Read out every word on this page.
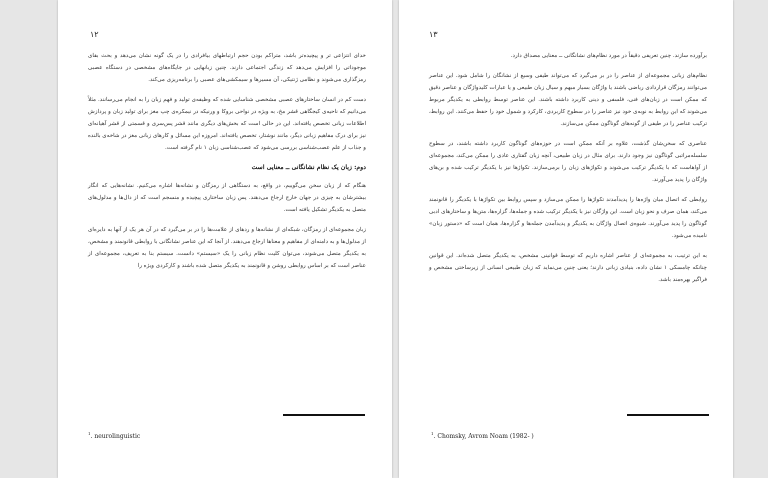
۱۲

خدای انتزاعی تر و پیچیده‌تر باشد، متراکم بودن حجم ارتباطهای بیافرادی را در یک گونه نشان می‌دهد و بحث بقای موجوداتی را افزایش می‌دهد که زندگی اجتماعی دارند. چنین زبانهایی در جایگاه‌های مشخصی در دستگاه عصبی رمزگذاری می‌شوند و نظامی ژنتیکی، آن مسیرها و سیمکشی‌های عصبی را برنامه‌ریزی می‌کند.

دست کم در انسان ساختارهای عصبی مشخصی شناسایی شده که وظیفه‌ی تولید و فهم زبان را به انجام می‌رسانند. مثلاً می‌دانیم که ناحیه‌ی کیجگاهی قشر مخ، به ویژه در نواحی بروکا و ورنیکه در نیمکره‌ی چپ مغز برای تولید زبان و پردازش اطلاعات زبانی تخصص یافته‌اند. این در حالی است که بخش‌های دیگری مانند قشر پس‌سری و قسمتی از قشر آهیانه‌ای نیز برای درک مفاهیم زبانی دیگر، مانند نوشتار، تخصص یافته‌اند. امروزه این مسائل و کارهای زبانی مغز در شاخه‌ی بالنده و جذاب از علم عصب‌شناسی بررسی می‌شود که عصب‌شناسی زبان ۱ نام گرفته است.

دوم: زبان یک نظام نشانگانی ــ معنایی است

هنگام که از زبان سخن می‌گوییم، در واقع، به دستگاهی از رمزگان و نشانه‌ها اشاره می‌کنیم. نشانه‌هایی که انگار بیشترشان به چیزی در جهان خارج ارجاع می‌دهند. پس زبان ساختاری پیچیده و منسجم است که از دال‌ها و مدلول‌های متصل به یکدیگر تشکیل یافته است.

زبان مجموعه‌ای از رمزگان، شبکه‌ای از نشانه‌ها و ردهای از علامت‌ها را در بر می‌گیرد که در آن هر یک از آنها به دایره‌ای از مدلول‌ها و به دامنه‌ای از مفاهیم و معناها ارجاع می‌دهند. از آنجا که این عناصر نشانگانی با روابطی قانونمند و مشخص، به یکدیگر متصل می‌شوند، می‌توان کلیت نظام زبانی را یک «سیستم» دانست. سیستم بنا به تعریف، مجموعه‌ای از عناصر است که بر اساس روابطی روشن و قانونمند به یکدیگر متصل شده باشند و کارکردی ویژه را

$^1$. neurolinguistic
۱۳

برآورده سازند. چنین تعریفی دقیقاً در مورد نظام‌های نشانگانی ــ معنایی مصداق دارد.

نظام‌های زبانی مجموعه‌ای از عناصر را در بر می‌گیرد که می‌تواند طیفی وسیع از نشانگان را شامل شود. این عناصر می‌توانند رمزگان قراردادی ریاضی باشند یا واژگان بسیار مبهم و سیال زبان طبیعی و یا عبارات کلیدواژگان و عناصر دقیق که ممکن است در زبان‌های فنی، فلسفی و دینی کاربرد داشته باشند. این عناصر توسط روابطی به یکدیگر مربوط می‌شوند که این روابط به نوبه‌ی خود نیز عناصر را در سطوح کاربردی، کارکرد و شمول خود را حفظ می‌کنند. این روابط، ترکیب عناصر را در طیفی از گونه‌های گوناگون ممکن می‌سازند.

عناصری که سخن‌شان گذشت، علاوه بر آنکه ممکن است در حوزه‌های گوناگون کاربرد داشته باشند، در سطوح سلسله‌مراتبی گوناگون نیز وجود دارند. برای مثال در زبان طبیعی، آنچه زبان گفتاری عادی را ممکن می‌کند، مجموعه‌ای از آواهاست که با یکدیگر ترکیب می‌شوند و تکواژهای زبان را برمی‌سازند. تکواژها نیز با یکدیگر ترکیب شده و بن‌های واژگان را پدید می‌آورند.

روابطی که اتصال میان واژه‌ها را پدیدآمدند تکواژها را ممکن می‌سازد و سپس روابط بین تکواژها با یکدیگر را قانونمند می‌کند، همان صرف و نحو زبان است. این واژگان نیز با یکدیگر ترکیب شده و جمله‌ها، گزاره‌ها، متن‌ها و ساختارهای ادبی گوناگون را پدید می‌آورند. شیوه‌ی اتصال واژگان به یکدیگر و پدیدآمدن جمله‌ها و گزاره‌ها، همان است که «دستور زبان» نامیده می‌شود.

به این ترتیب، به مجموعه‌ای از عناصر اشاره داریم که توسط قوانینی مشخص، به یکدیگر متصل شده‌اند. این قوانین چنانکه چامسکی ۱ نشان داده، بنیادی زبانی دارند؛ یعنی چنین می‌نماید که زبان طبیعی انسانی از زیرساختی مشخص و فراگیر بهره‌مند باشد.

$^1$. Chomsky, Avrom Noam (1982- )
